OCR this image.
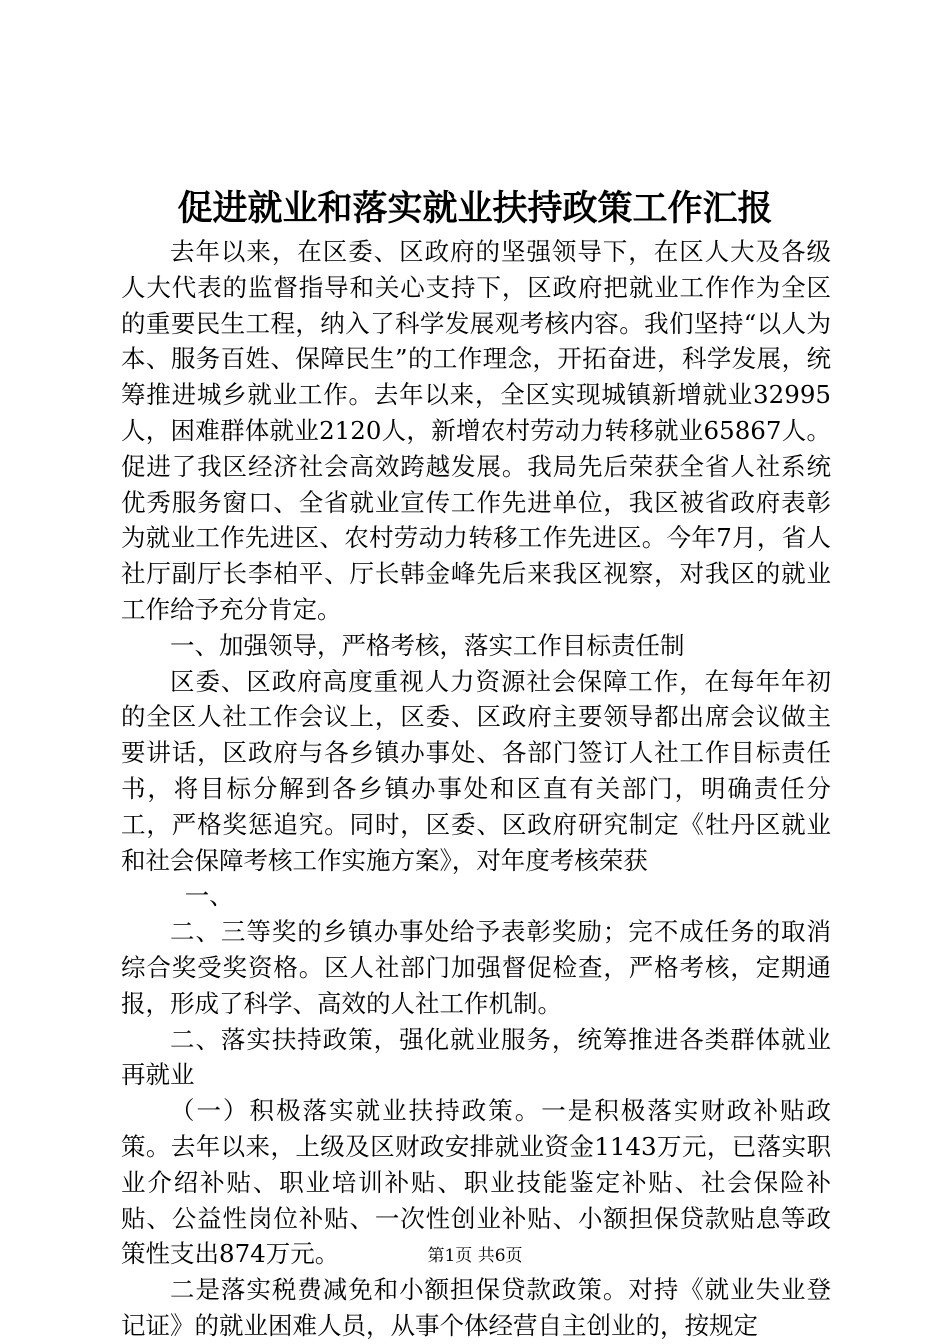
促进就业和落实就业扶持政策工作汇报

去年以来，在区委、区政府的坚强领导下，在区人大及各级人大代表的监督指导和关心支持下，区政府把就业工作作为全区的重要民生工程，纳入了科学发展观考核内容。我们坚持“以人为本、服务百姓、保障民生”的工作理念，开拓奋进，科学发展，统筹推进城乡就业工作。去年以来，全区实现城镇新增就业32995人，困难群体就业2120人，新增农村劳动力转移就业65867人。促进了我区经济社会高效跨越发展。我局先后荣获全省人社系统优秀服务窗口、全省就业宣传工作先进单位，我区被省政府表彰为就业工作先进区、农村劳动力转移工作先进区。今年7月，省人社厅副厅长李柏平、厅长韩金峰先后来我区视察，对我区的就业工作给予充分肯定。

一、加强领导，严格考核，落实工作目标责任制

区委、区政府高度重视人力资源社会保障工作，在每年年初的全区人社工作会议上，区委、区政府主要领导都出席会议做主要讲话，区政府与各乡镇办事处、各部门签订人社工作目标责任书，将目标分解到各乡镇办事处和区直有关部门，明确责任分工，严格奖惩追究。同时，区委、区政府研究制定《牡丹区就业和社会保障考核工作实施方案》，对年度考核荣获

一、

二、三等奖的乡镇办事处给予表彰奖励；完不成任务的取消综合奖受奖资格。区人社部门加强督促检查，严格考核，定期通报，形成了科学、高效的人社工作机制。

二、落实扶持政策，强化就业服务，统筹推进各类群体就业再就业

（一）积极落实就业扶持政策。一是积极落实财政补贴政策。去年以来，上级及区财政安排就业资金1143万元，已落实职业介绍补贴、职业培训补贴、职业技能鉴定补贴、社会保险补贴、公益性岗位补贴、一次性创业补贴、小额担保贷款贴息等政策性支出874万元。

二是落实税费减免和小额担保贷款政策。对持《就业失业登记证》的就业困难人员，从事个体经营自主创业的，按规定

第1页 共6页
